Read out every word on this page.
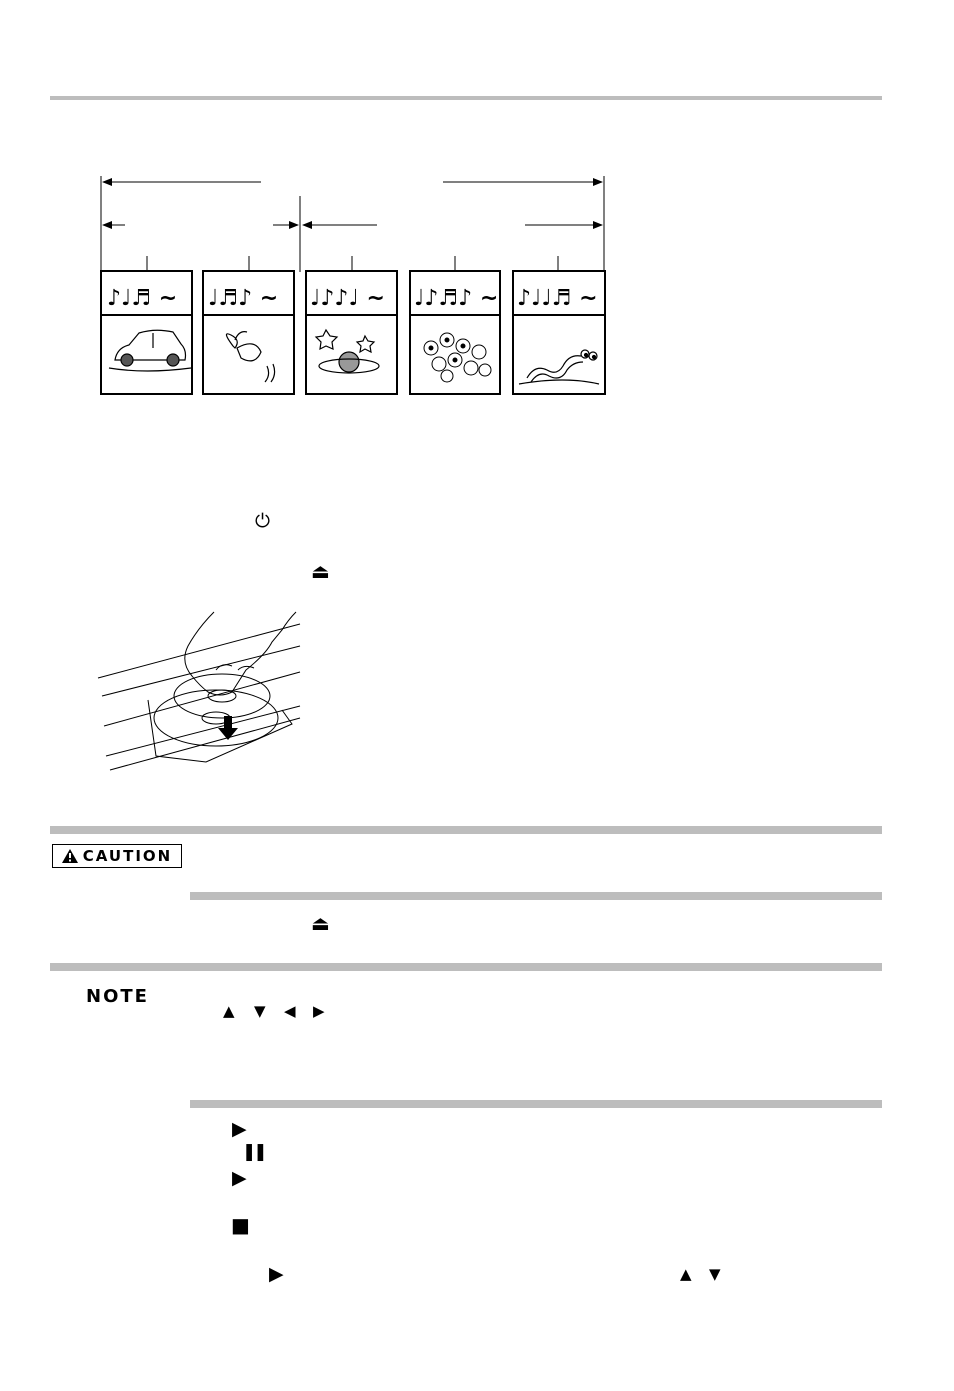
♪♩♬ ~ ♩♬♪ ~ ♩♪♪♩ ~ ♩♪♬♪ ~ ♪♩♩♬ ~
⏻
⏏
CAUTION
⏏
NOTE
▲ ▼ ◀ ▶
▶
❚❚
▶
■
▶	▲ ▼
